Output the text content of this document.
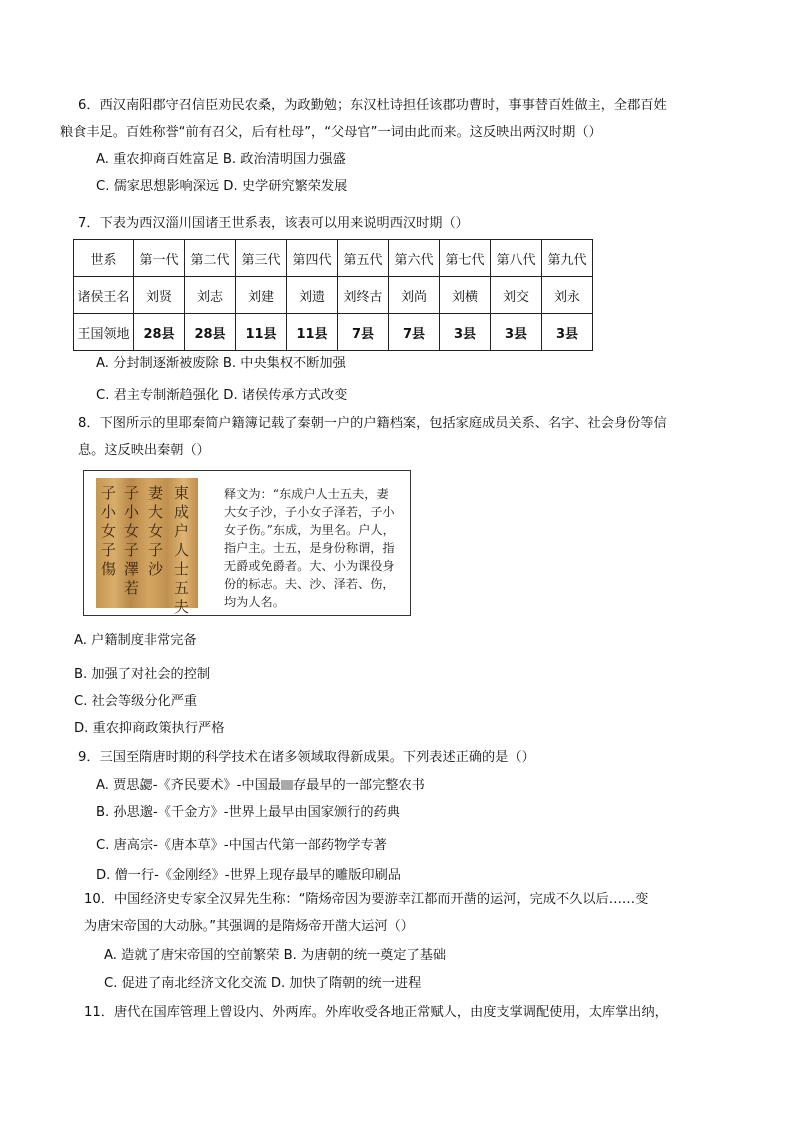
6．西汉南阳郡守召信臣劝民农桑，为政勤勉；东汉杜诗担任该郡功曹时，事事替百姓做主，全郡百姓
粮食丰足。百姓称誉“前有召父，后有杜母”，“父母官”一词由此而来。这反映出两汉时期（）
A. 重农抑商百姓富足 B. 政治清明国力强盛
C. 儒家思想影响深远 D. 史学研究繁荣发展
7．下表为西汉淄川国诸王世系表，该表可以用来说明西汉时期（）
世系	第一代	第二代	第三代	第四代	第五代	第六代	第七代	第八代	第九代
诸侯王名	刘贤	刘志	刘建	刘遗	刘终古	刘尚	刘横	刘交	刘永
王国领地	28县	28县	11县	11县	7县	7县	3县	3县	3县
A. 分封制逐渐被废除 B. 中央集权不断加强
C. 君主专制渐趋强化 D. 诸侯传承方式改变
8．下图所示的里耶秦简户籍簿记载了秦朝一户的户籍档案，包括家庭成员关系、名字、社会身份等信
息。这反映出秦朝（）
東成户人士五夫
妻大女子沙
子小女子澤若
子小女子傷
释文为：“东成户人士五夫，妻大女子沙，子小女子泽若，子小女子伤。”东成，为里名。户人，指户主。士五，是身份称谓，指无爵或免爵者。大、小为课役身份的标志。夫、沙、泽若、伤，均为人名。
A. 户籍制度非常完备
B. 加强了对社会的控制
C. 社会等级分化严重
D. 重农抑商政策执行严格
9．三国至隋唐时期的科学技术在诸多领域取得新成果。下列表述正确的是（）
A. 贾思勰-《齐民要术》-中国最 存最早的一部完整农书
B. 孙思邈-《千金方》-世界上最早由国家颁行的药典
C. 唐高宗-《唐本草》-中国古代第一部药物学专著
D. 僧一行-《金刚经》-世界上现存最早的雕版印刷品
10．中国经济史专家全汉昇先生称：“隋炀帝因为要游幸江都而开凿的运河，完成不久以后……变
为唐宋帝国的大动脉。”其强调的是隋炀帝开凿大运河（）
A. 造就了唐宋帝国的空前繁荣 B. 为唐朝的统一奠定了基础
C. 促进了南北经济文化交流 D. 加快了隋朝的统一进程
11．唐代在国库管理上曾设内、外两库。外库收受各地正常赋人，由度支掌调配使用，太库掌出纳，
